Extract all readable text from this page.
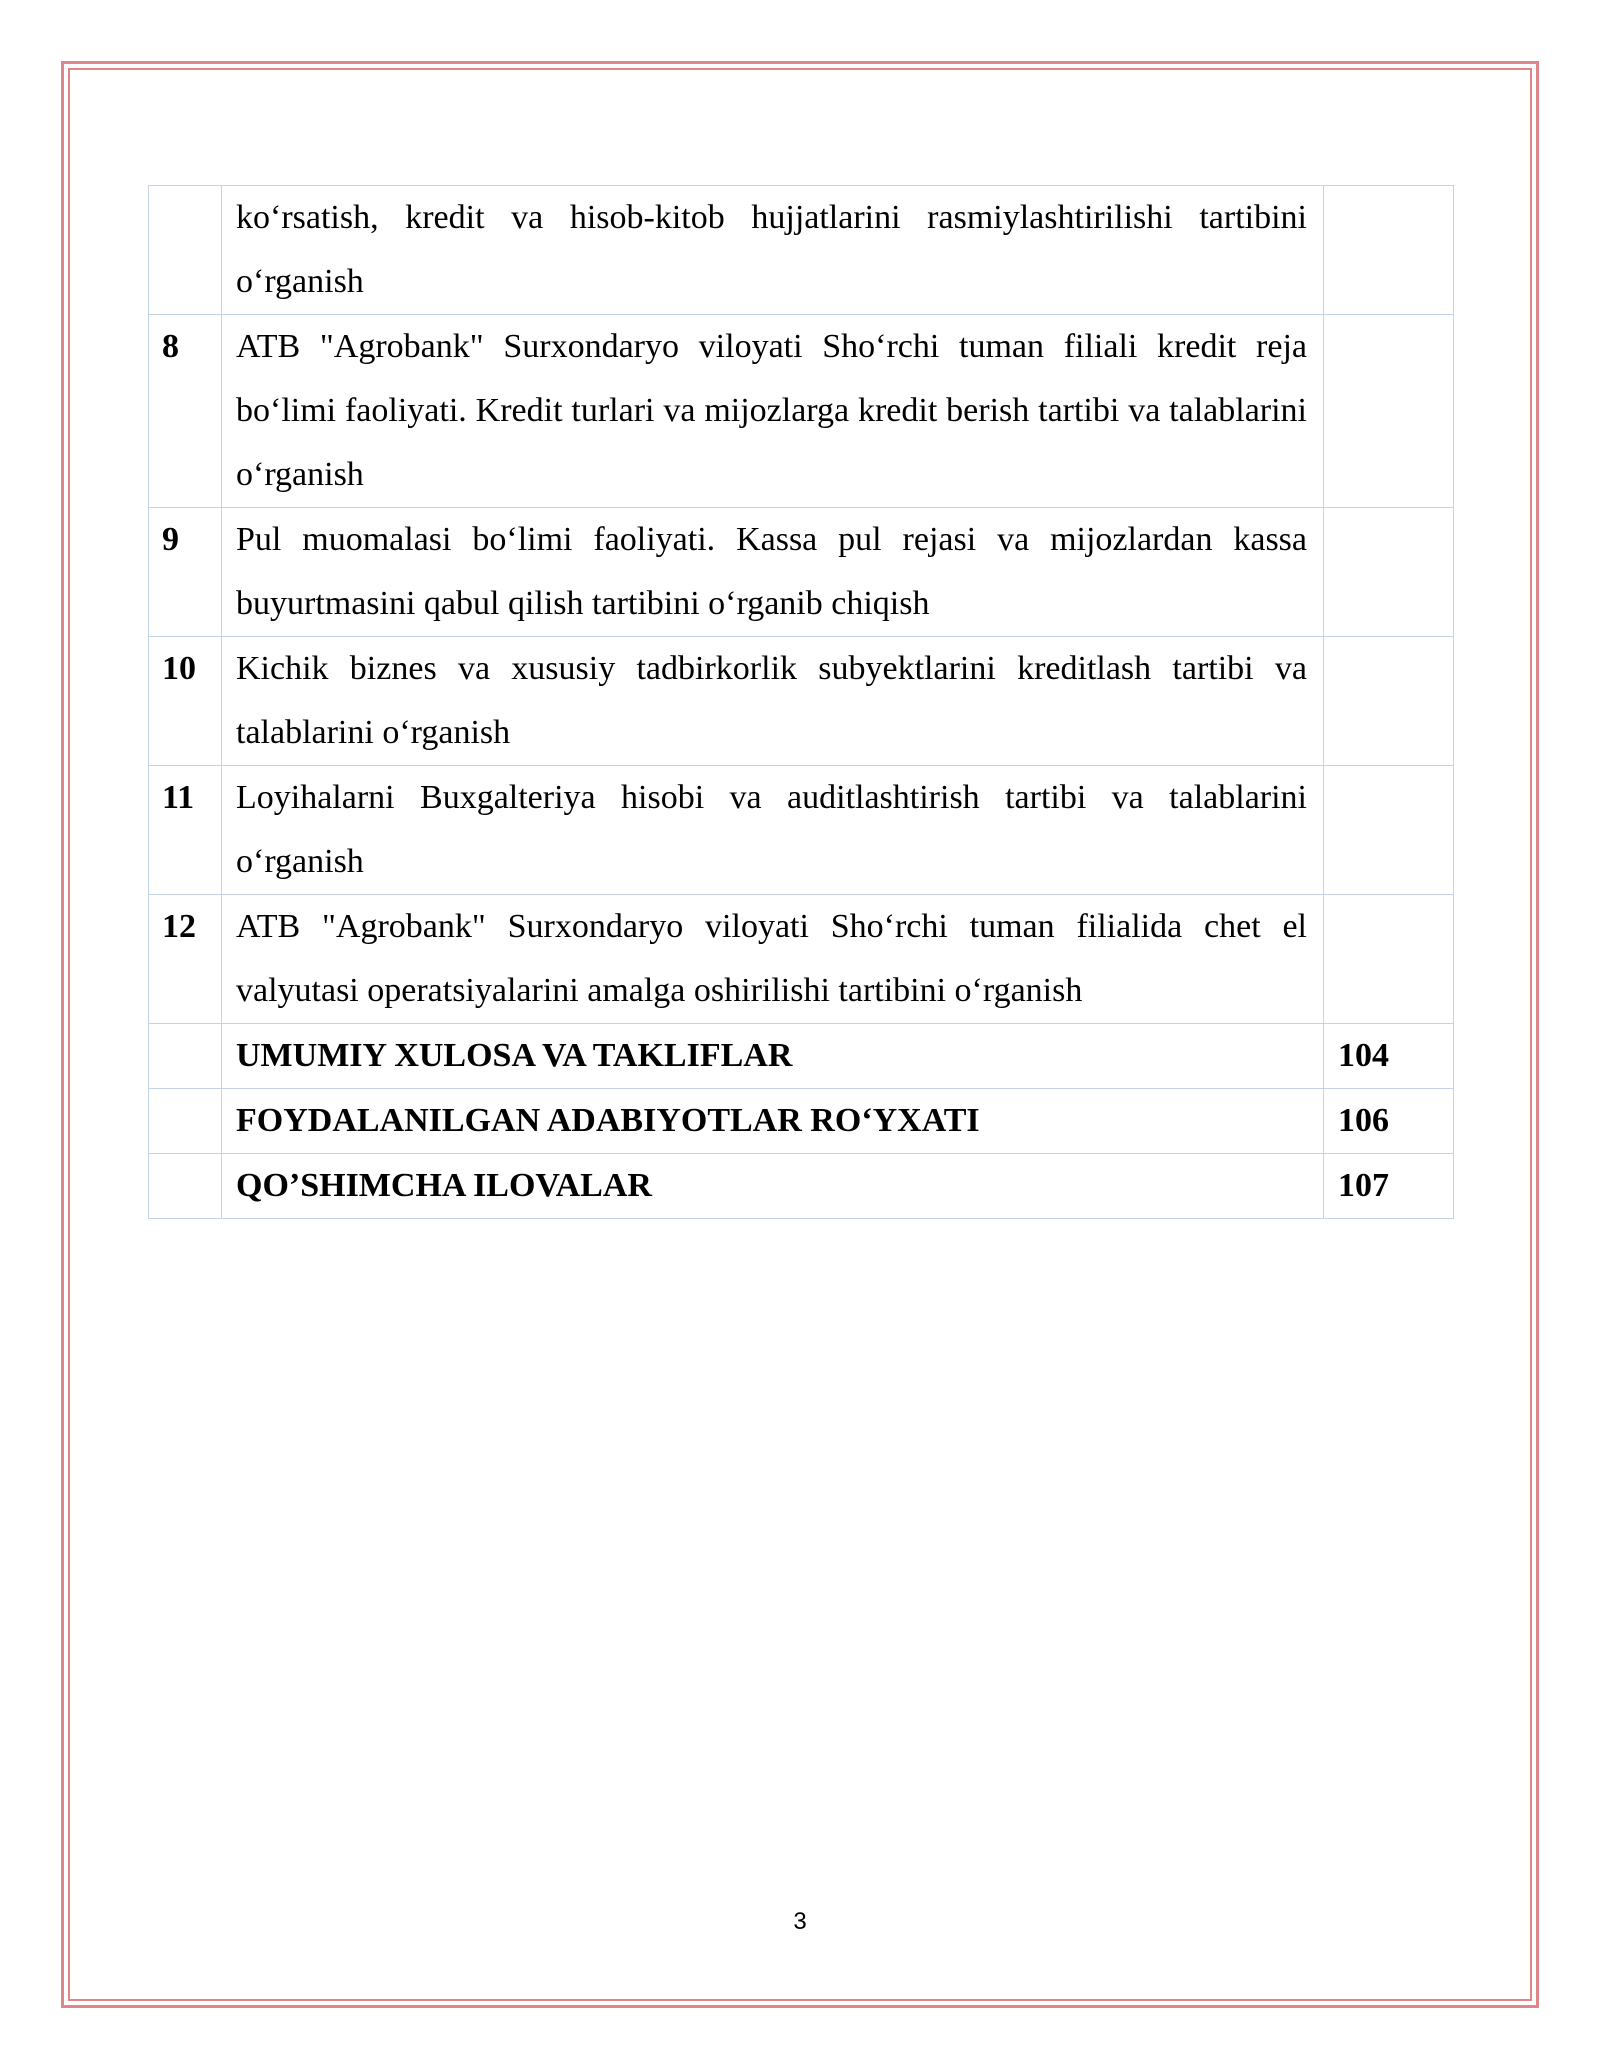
	ko‘rsatish, kredit va hisob-kitob hujjatlarini rasmiylashtirilishi tartibini o‘rganish	
8	ATB "Agrobank" Surxondaryo viloyati Sho‘rchi tuman filiali kredit reja bo‘limi faoliyati. Kredit turlari va mijozlarga kredit berish tartibi va talablarini o‘rganish	
9	Pul muomalasi bo‘limi faoliyati. Kassa pul rejasi va mijozlardan kassa buyurtmasini qabul qilish tartibini o‘rganib chiqish	
10	Kichik biznes va xususiy tadbirkorlik subyektlarini kreditlash tartibi va talablarini o‘rganish	
11	Loyihalarni Buxgalteriya hisobi va auditlashtirish tartibi va talablarini o‘rganish	
12	ATB "Agrobank" Surxondaryo viloyati Sho‘rchi tuman filialida chet el valyutasi operatsiyalarini amalga oshirilishi tartibini o‘rganish	
	UMUMIY XULOSA VA TAKLIFLAR	104
	FOYDALANILGAN ADABIYOTLAR RO‘YXATI	106
	QO’SHIMCHA ILOVALAR	107
3
